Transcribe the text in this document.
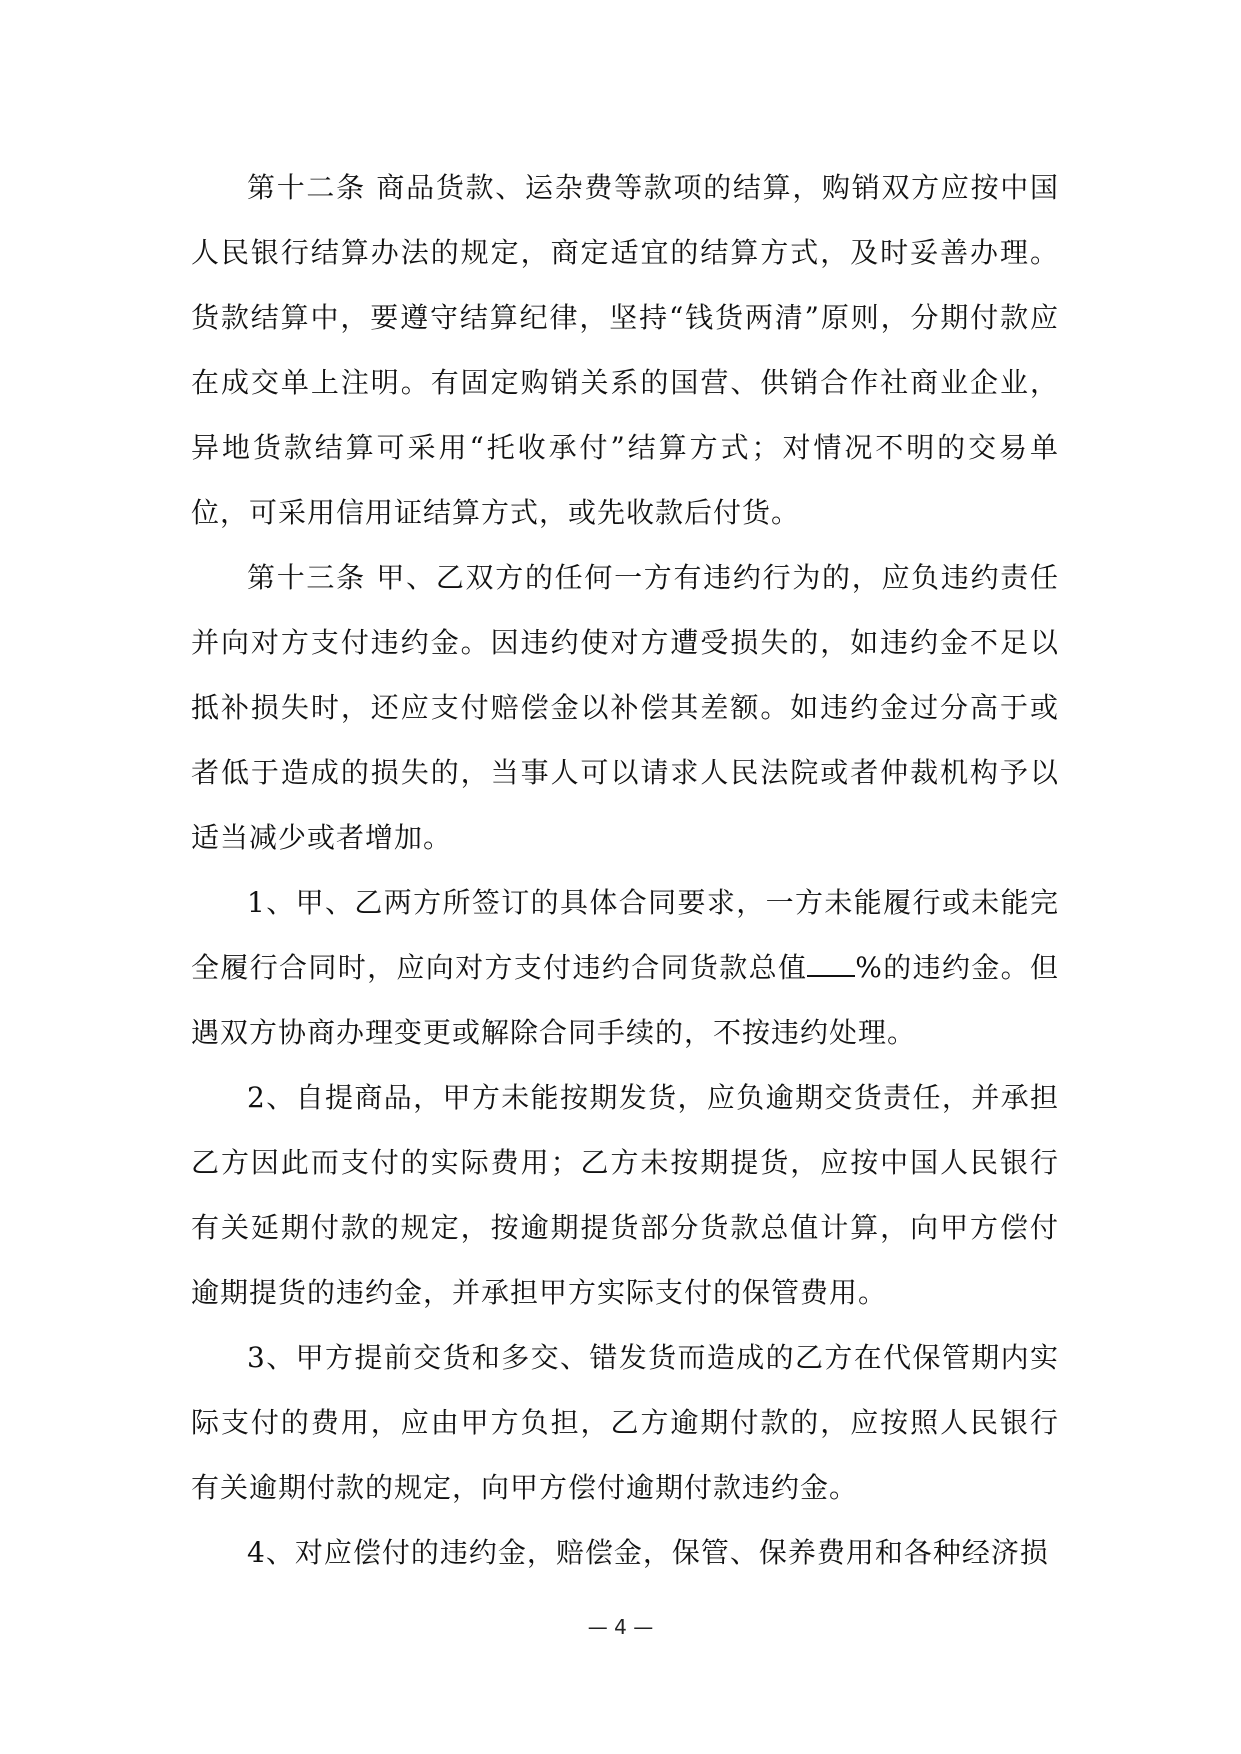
第十二条 商品货款、运杂费等款项的结算，购销双方应按中国人民银行结算办法的规定，商定适宜的结算方式，及时妥善办理。货款结算中，要遵守结算纪律，坚持“钱货两清”原则，分期付款应在成交单上注明。有固定购销关系的国营、供销合作社商业企业，异地货款结算可采用“托收承付”结算方式；对情况不明的交易单位，可采用信用证结算方式，或先收款后付货。

第十三条 甲、乙双方的任何一方有违约行为的，应负违约责任并向对方支付违约金。因违约使对方遭受损失的，如违约金不足以抵补损失时，还应支付赔偿金以补偿其差额。如违约金过分高于或者低于造成的损失的，当事人可以请求人民法院或者仲裁机构予以适当减少或者增加。

1、甲、乙两方所签订的具体合同要求，一方未能履行或未能完全履行合同时，应向对方支付违约合同货款总值 %的违约金。但遇双方协商办理变更或解除合同手续的，不按违约处理。

2、自提商品，甲方未能按期发货，应负逾期交货责任，并承担乙方因此而支付的实际费用；乙方未按期提货，应按中国人民银行有关延期付款的规定，按逾期提货部分货款总值计算，向甲方偿付逾期提货的违约金，并承担甲方实际支付的保管费用。

3、甲方提前交货和多交、错发货而造成的乙方在代保管期内实际支付的费用，应由甲方负担，乙方逾期付款的，应按照人民银行有关逾期付款的规定，向甲方偿付逾期付款违约金。

4、对应偿付的违约金，赔偿金，保管、保养费用和各种经济损

— 4 —
